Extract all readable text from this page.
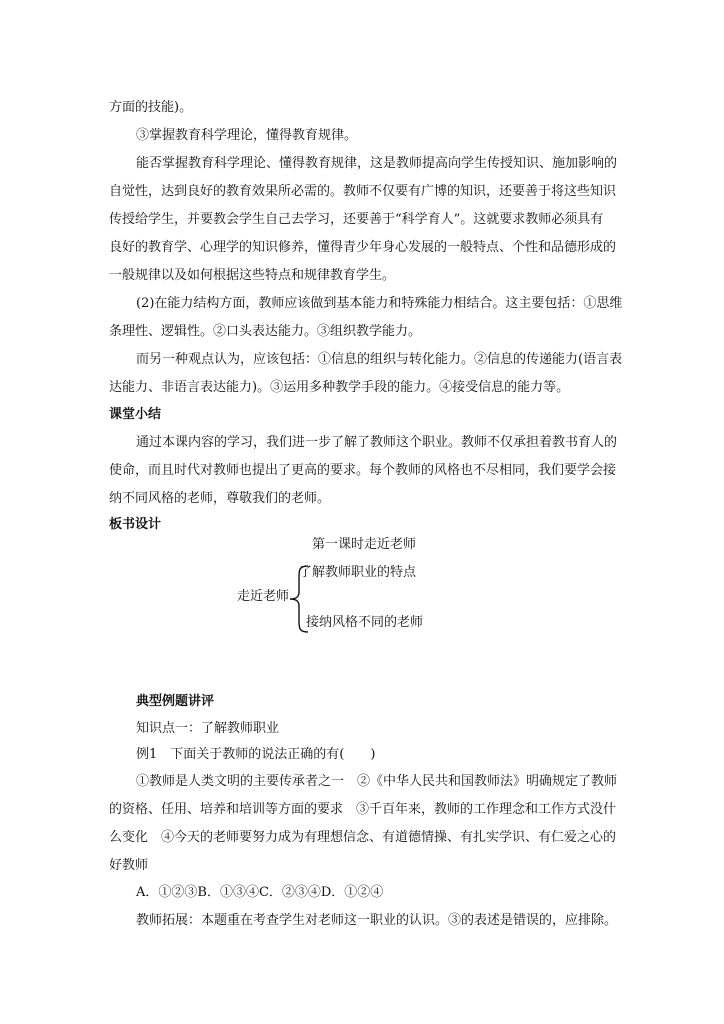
方面的技能)。

③掌握教育科学理论，懂得教育规律。

能否掌握教育科学理论、懂得教育规律，这是教师提高向学生传授知识、施加影响的

自觉性，达到良好的教育效果所必需的。教师不仅要有广博的知识，还要善于将这些知识

传授给学生，并要教会学生自己去学习，还要善于“科学育人”。这就要求教师必须具有

良好的教育学、心理学的知识修养，懂得青少年身心发展的一般特点、个性和品德形成的

一般规律以及如何根据这些特点和规律教育学生。

(2)在能力结构方面，教师应该做到基本能力和特殊能力相结合。这主要包括：①思维

条理性、逻辑性。②口头表达能力。③组织教学能力。

而另一种观点认为，应该包括：①信息的组织与转化能力。②信息的传递能力(语言表

达能力、非语言表达能力)。③运用多种教学手段的能力。④接受信息的能力等。

课堂小结

通过本课内容的学习，我们进一步了解了教师这个职业。教师不仅承担着教书育人的

使命，而且时代对教师也提出了更高的要求。每个教师的风格也不尽相同，我们要学会接

纳不同风格的老师，尊敬我们的老师。

板书设计

第一课时走近老师
走近老师
了解教师职业的特点
接纳风格不同的老师

典型例题讲评

知识点一：了解教师职业

例1　下面关于教师的说法正确的有(　　)

①教师是人类文明的主要传承者之一　②《中华人民共和国教师法》明确规定了教师

的资格、任用、培养和培训等方面的要求　③千百年来，教师的工作理念和工作方式没什

么变化　④今天的老师要努力成为有理想信念、有道德情操、有扎实学识、有仁爱之心的

好教师

A．①②③B．①③④C．②③④D．①②④

教师拓展：本题重在考查学生对老师这一职业的认识。③的表述是错误的，应排除。
